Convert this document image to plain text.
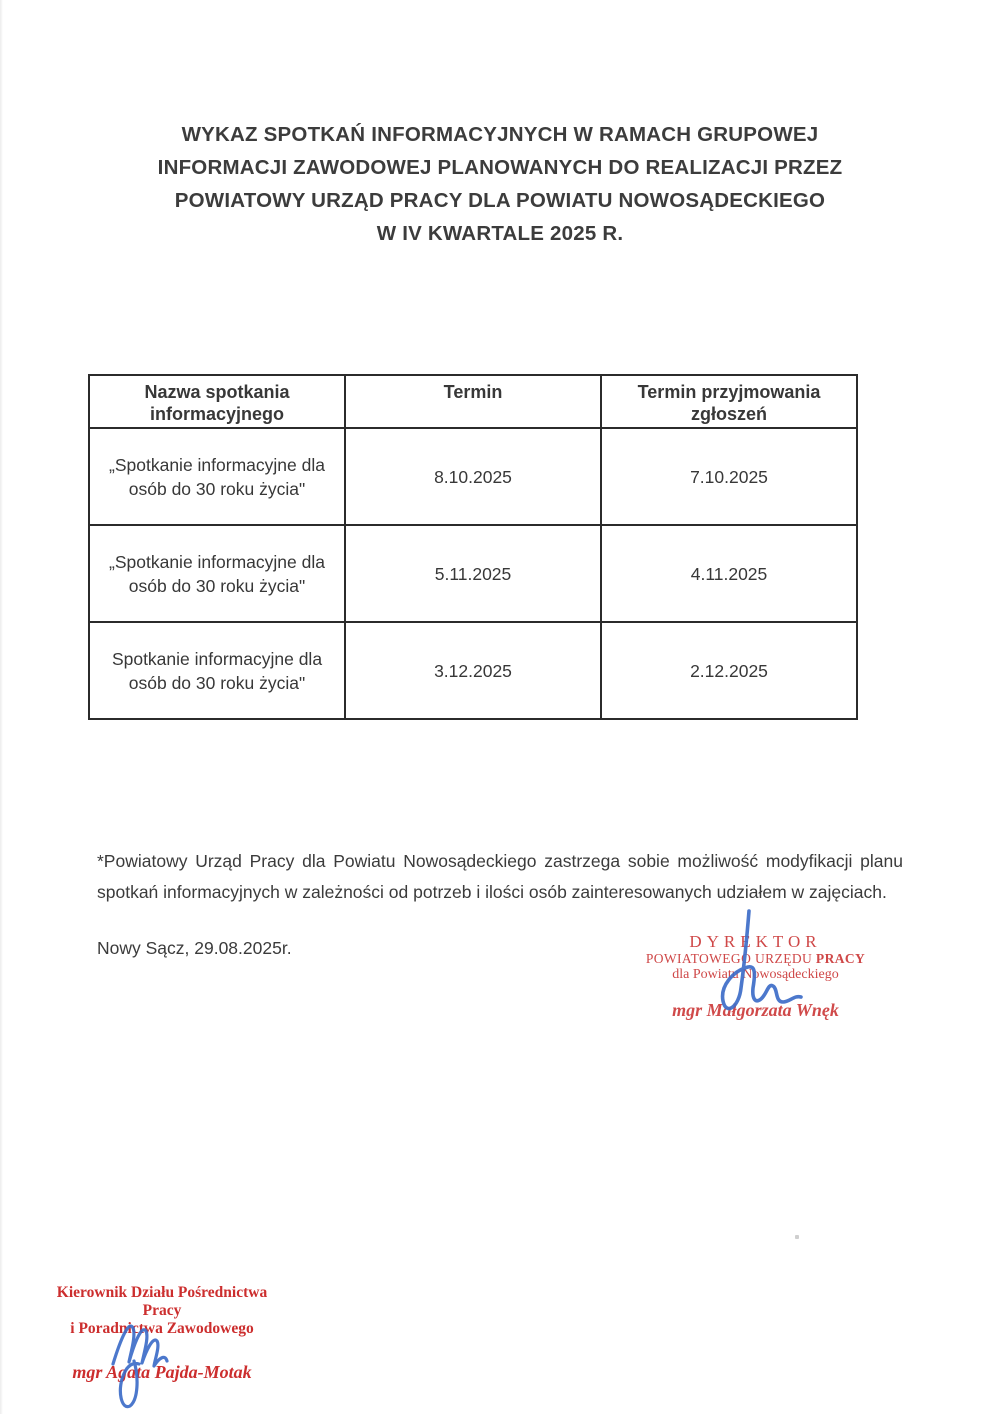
WYKAZ SPOTKAŃ INFORMACYJNYCH W RAMACH GRUPOWEJ
INFORMACJI ZAWODOWEJ PLANOWANYCH DO REALIZACJI PRZEZ
POWIATOWY URZĄD PRACY DLA POWIATU NOWOSĄDECKIEGO
W IV KWARTALE 2025 R.
Nazwa spotkania informacyjnego	Termin	Termin przyjmowania zgłoszeń
„Spotkanie informacyjne dla osób do 30 roku życia"	8.10.2025	7.10.2025
„Spotkanie informacyjne dla osób do 30 roku życia"	5.11.2025	4.11.2025
Spotkanie informacyjne dla osób do 30 roku życia"	3.12.2025	2.12.2025

*Powiatowy Urząd Pracy dla Powiatu Nowosądeckiego zastrzega sobie możliwość modyfikacji planu spotkań informacyjnych w zależności od potrzeb i ilości osób zainteresowanych udziałem w zajęciach.

Nowy Sącz, 29.08.2025r.	DYREKTOR
POWIATOWEGO URZĘDU PRACY
dla Powiatu Nowosądeckiego
mgr Małgorzata Wnęk
Kierownik Działu Pośrednictwa Pracy
i Poradnictwa Zawodowego
mgr Agata Pajda-Motak
